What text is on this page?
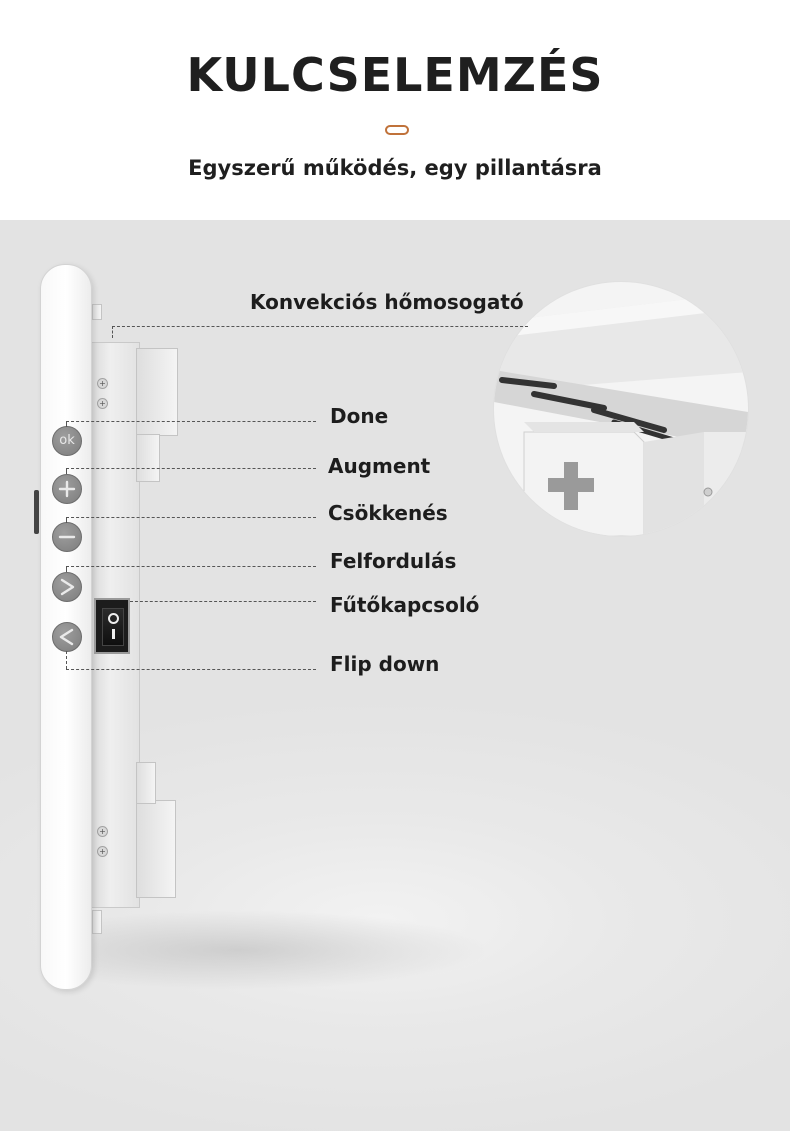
KULCSELEMZÉS
Egyszerű működés, egy pillantásra
+
+
+
+
ok
Konvekciós hőmosogató
Done
Augment
Csökkenés
Felfordulás
Fűtőkapcsoló
Flip down
